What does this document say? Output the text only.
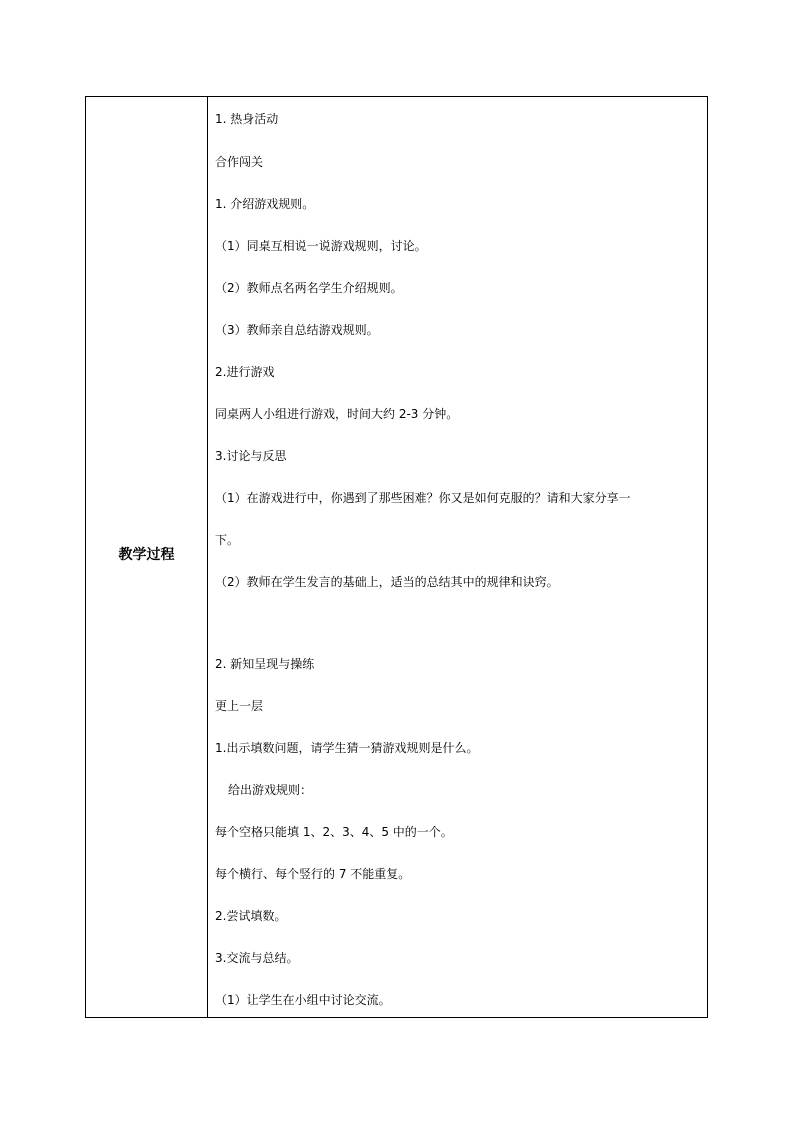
教学过程
1. 热身活动
合作闯关
1. 介绍游戏规则。
（1）同桌互相说一说游戏规则，讨论。
（2）教师点名两名学生介绍规则。
（3）教师亲自总结游戏规则。
2.进行游戏
同桌两人小组进行游戏，时间大约 2-3 分钟。
3.讨论与反思
（1）在游戏进行中，你遇到了那些困难？你又是如何克服的？请和大家分享一
下。
（2）教师在学生发言的基础上，适当的总结其中的规律和诀窍。
2. 新知呈现与操练
更上一层
1.出示填数问题，请学生猜一猜游戏规则是什么。
给出游戏规则：
每个空格只能填 1、2、3、4、5 中的一个。
每个横行、每个竖行的 7 不能重复。
2.尝试填数。
3.交流与总结。
（1）让学生在小组中讨论交流。
